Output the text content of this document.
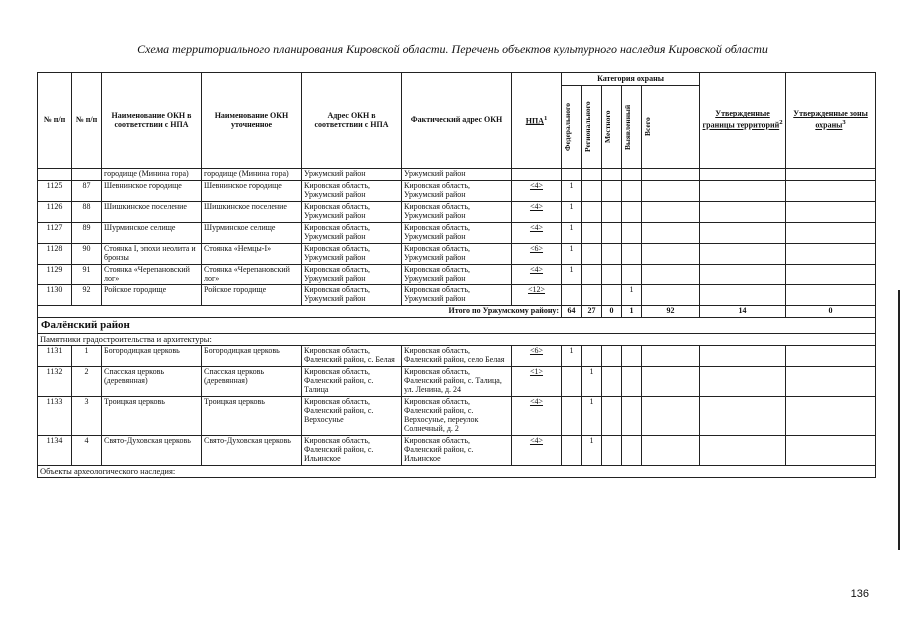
Схема территориального планирования Кировской области. Перечень объектов культурного наследия Кировской области
№ п/п	№ п/п	Наименование ОКН в соответствии с НПА	Наименование ОКН уточненное	Адрес ОКН в соответствии с НПА	Фактический адрес ОКН	НПА$^1$	Категория охраны					Утвержденные границы территорий$^2$	Утвержденные зоны охраны$^3$

							Федерального	Регионального	Местного	Выявленный	Всего		

		городище (Минина гора)	городище (Минина гора)	Уржумский район	Уржумский район								
1125	87	Шевнинское городище	Шевнинское городище	Кировская область, Уржумский район	Кировская область, Уржумский район	<4>	1						
1126	88	Шишкинское поселение	Шишкинское поселение	Кировская область, Уржумский район	Кировская область, Уржумский район	<4>	1						
1127	89	Шурминское селище	Шурминское селище	Кировская область, Уржумский район	Кировская область, Уржумский район	<4>	1						
1128	90	Стоянка I, эпохи неолита и бронзы	Стоянка «Немцы-I»	Кировская область, Уржумский район	Кировская область, Уржумский район	<6>	1						
1129	91	Стоянка «Черепановский лог»	Стоянка «Черепановский лог»	Кировская область, Уржумский район	Кировская область, Уржумский район	<4>	1						
1130	92	Ройское городище	Ройское городище	Кировская область, Уржумский район	Кировская область, Уржумский район	<12>				1			
Итого по Уржумскому району:							64	27	0	1	92	14	0
Фалёнский район													
Памятники градостроительства и архитектуры:													
1131	1	Богородицкая церковь	Богородицкая церковь	Кировская область, Фаленский район, с. Белая	Кировская область, Фаленский район, село Белая	<6>	1						
1132	2	Спасская церковь (деревянная)	Спасская церковь (деревянная)	Кировская область, Фаленский район, с. Талица	Кировская область, Фаленский район, с. Талица, ул. Ленина, д. 24	<1>		1					
1133	3	Троицкая церковь	Троицкая церковь	Кировская область, Фаленский район, с. Верхосунье	Кировская область, Фаленский район, с. Верхосунье, переулок Солнечный, д. 2	<4>		1					
1134	4	Свято-Духовская церковь	Свято-Духовская церковь	Кировская область, Фаленский район, с. Ильинское	Кировская область, Фаленский район, с. Ильинское	<4>		1					
Объекты археологического наследия:													
136
